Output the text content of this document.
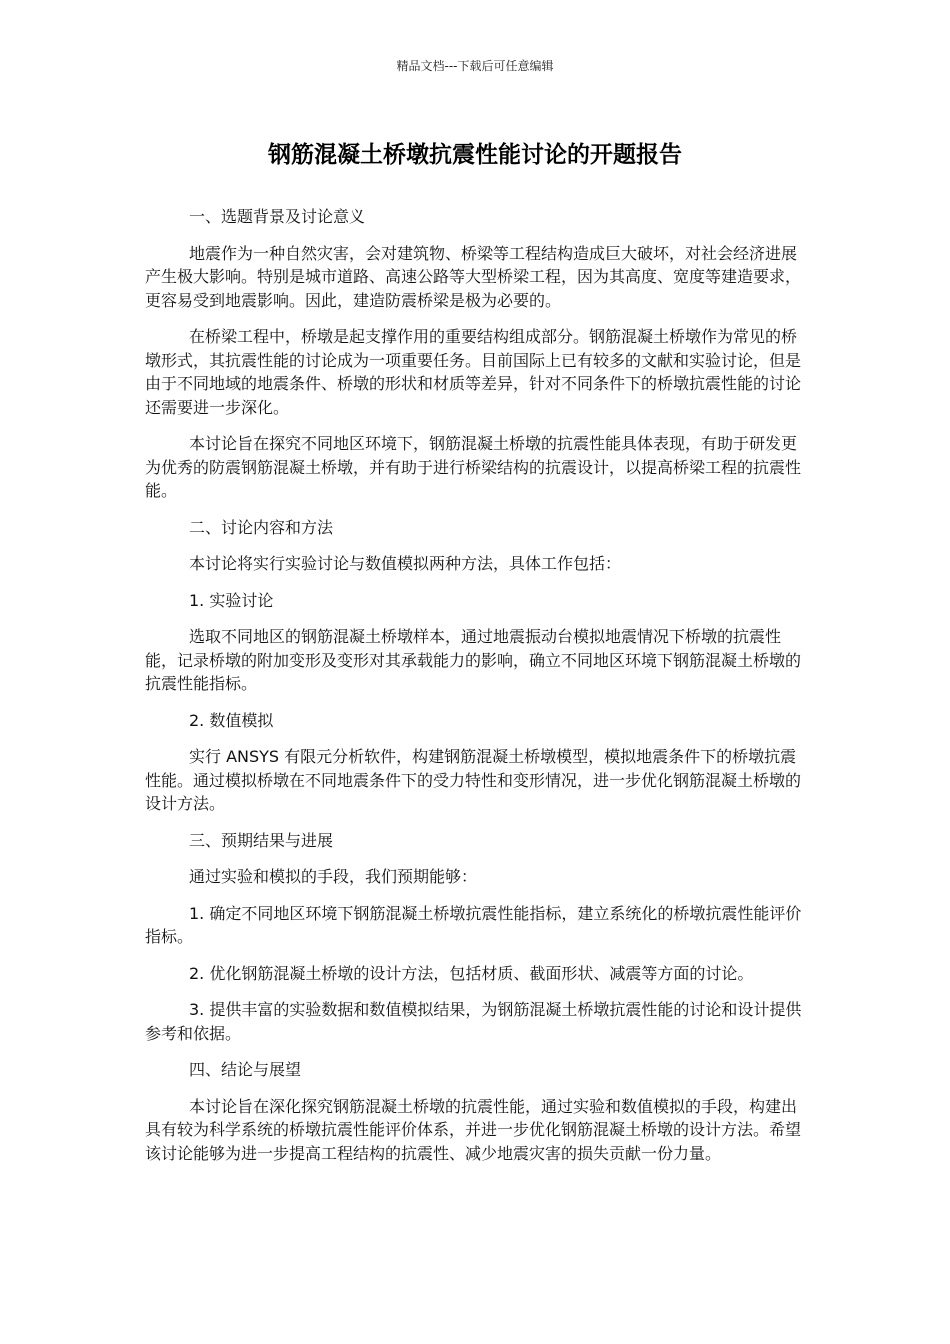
精品文档---下载后可任意编辑
钢筋混凝土桥墩抗震性能讨论的开题报告

一、选题背景及讨论意义

地震作为一种自然灾害，会对建筑物、桥梁等工程结构造成巨大破坏，对社会经济进展产生极大影响。特别是城市道路、高速公路等大型桥梁工程，因为其高度、宽度等建造要求，更容易受到地震影响。因此，建造防震桥梁是极为必要的。

在桥梁工程中，桥墩是起支撑作用的重要结构组成部分。钢筋混凝土桥墩作为常见的桥墩形式，其抗震性能的讨论成为一项重要任务。目前国际上已有较多的文献和实验讨论，但是由于不同地域的地震条件、桥墩的形状和材质等差异，针对不同条件下的桥墩抗震性能的讨论还需要进一步深化。

本讨论旨在探究不同地区环境下，钢筋混凝土桥墩的抗震性能具体表现，有助于研发更为优秀的防震钢筋混凝土桥墩，并有助于进行桥梁结构的抗震设计，以提高桥梁工程的抗震性能。

二、讨论内容和方法

本讨论将实行实验讨论与数值模拟两种方法，具体工作包括：

1. 实验讨论

选取不同地区的钢筋混凝土桥墩样本，通过地震振动台模拟地震情况下桥墩的抗震性能，记录桥墩的附加变形及变形对其承载能力的影响，确立不同地区环境下钢筋混凝土桥墩的抗震性能指标。

2. 数值模拟

实行 ANSYS 有限元分析软件，构建钢筋混凝土桥墩模型，模拟地震条件下的桥墩抗震性能。通过模拟桥墩在不同地震条件下的受力特性和变形情况，进一步优化钢筋混凝土桥墩的设计方法。

三、预期结果与进展

通过实验和模拟的手段，我们预期能够：

1. 确定不同地区环境下钢筋混凝土桥墩抗震性能指标，建立系统化的桥墩抗震性能评价指标。

2. 优化钢筋混凝土桥墩的设计方法，包括材质、截面形状、减震等方面的讨论。

3. 提供丰富的实验数据和数值模拟结果，为钢筋混凝土桥墩抗震性能的讨论和设计提供参考和依据。

四、结论与展望

本讨论旨在深化探究钢筋混凝土桥墩的抗震性能，通过实验和数值模拟的手段，构建出具有较为科学系统的桥墩抗震性能评价体系，并进一步优化钢筋混凝土桥墩的设计方法。希望该讨论能够为进一步提高工程结构的抗震性、减少地震灾害的损失贡献一份力量。
